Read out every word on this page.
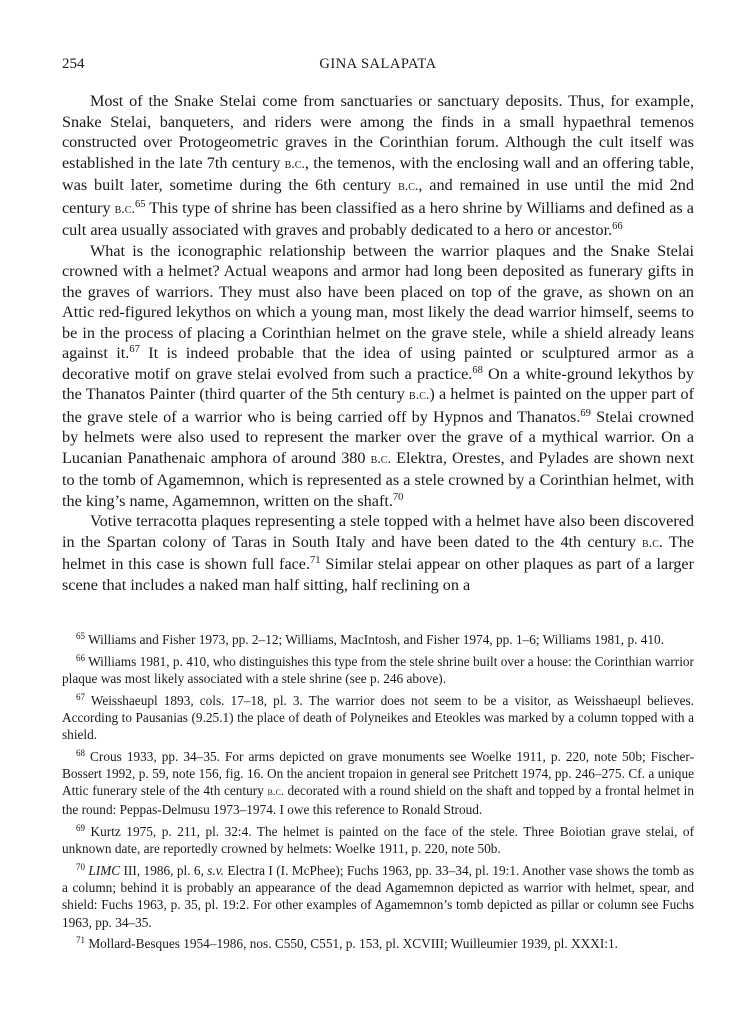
254	GINA SALAPATA

Most of the Snake Stelai come from sanctuaries or sanctuary deposits. Thus, for example, Snake Stelai, banqueters, and riders were among the finds in a small hypaethral temenos constructed over Protogeometric graves in the Corinthian forum. Although the cult itself was established in the late 7th century b.c., the temenos, with the enclosing wall and an offering table, was built later, sometime during the 6th century b.c., and remained in use until the mid 2nd century b.c.$^{65}$ This type of shrine has been classified as a hero shrine by Williams and defined as a cult area usually associated with graves and probably dedicated to a hero or ancestor.$^{66}$

What is the iconographic relationship between the warrior plaques and the Snake Stelai crowned with a helmet? Actual weapons and armor had long been deposited as funerary gifts in the graves of warriors. They must also have been placed on top of the grave, as shown on an Attic red-figured lekythos on which a young man, most likely the dead warrior himself, seems to be in the process of placing a Corinthian helmet on the grave stele, while a shield already leans against it.$^{67}$ It is indeed probable that the idea of using painted or sculptured armor as a decorative motif on grave stelai evolved from such a practice.$^{68}$ On a white-ground lekythos by the Thanatos Painter (third quarter of the 5th century b.c.) a helmet is painted on the upper part of the grave stele of a warrior who is being carried off by Hypnos and Thanatos.$^{69}$ Stelai crowned by helmets were also used to represent the marker over the grave of a mythical warrior. On a Lucanian Panathenaic amphora of around 380 b.c. Elektra, Orestes, and Pylades are shown next to the tomb of Agamemnon, which is represented as a stele crowned by a Corinthian helmet, with the king’s name, Agamemnon, written on the shaft.$^{70}$

Votive terracotta plaques representing a stele topped with a helmet have also been discovered in the Spartan colony of Taras in South Italy and have been dated to the 4th century b.c. The helmet in this case is shown full face.$^{71}$ Similar stelai appear on other plaques as part of a larger scene that includes a naked man half sitting, half reclining on a

$^{65}$ Williams and Fisher 1973, pp. 2–12; Williams, MacIntosh, and Fisher 1974, pp. 1–6; Williams 1981, p. 410.

$^{66}$ Williams 1981, p. 410, who distinguishes this type from the stele shrine built over a house: the Corinthian warrior plaque was most likely associated with a stele shrine (see p. 246 above).

$^{67}$ Weisshaeupl 1893, cols. 17–18, pl. 3. The warrior does not seem to be a visitor, as Weisshaeupl believes. According to Pausanias (9.25.1) the place of death of Polyneikes and Eteokles was marked by a column topped with a shield.

$^{68}$ Crous 1933, pp. 34–35. For arms depicted on grave monuments see Woelke 1911, p. 220, note 50b; Fischer-Bossert 1992, p. 59, note 156, fig. 16. On the ancient tropaion in general see Pritchett 1974, pp. 246–275. Cf. a unique Attic funerary stele of the 4th century b.c. decorated with a round shield on the shaft and topped by a frontal helmet in the round: Peppas-Delmusu 1973–1974. I owe this reference to Ronald Stroud.

$^{69}$ Kurtz 1975, p. 211, pl. 32:4. The helmet is painted on the face of the stele. Three Boiotian grave stelai, of unknown date, are reportedly crowned by helmets: Woelke 1911, p. 220, note 50b.

$^{70}$ LIMC III, 1986, pl. 6, s.v. Electra I (I. McPhee); Fuchs 1963, pp. 33–34, pl. 19:1. Another vase shows the tomb as a column; behind it is probably an appearance of the dead Agamemnon depicted as warrior with helmet, spear, and shield: Fuchs 1963, p. 35, pl. 19:2. For other examples of Agamemnon’s tomb depicted as pillar or column see Fuchs 1963, pp. 34–35.

$^{71}$ Mollard-Besques 1954–1986, nos. C550, C551, p. 153, pl. XCVIII; Wuilleumier 1939, pl. XXXI:1.
